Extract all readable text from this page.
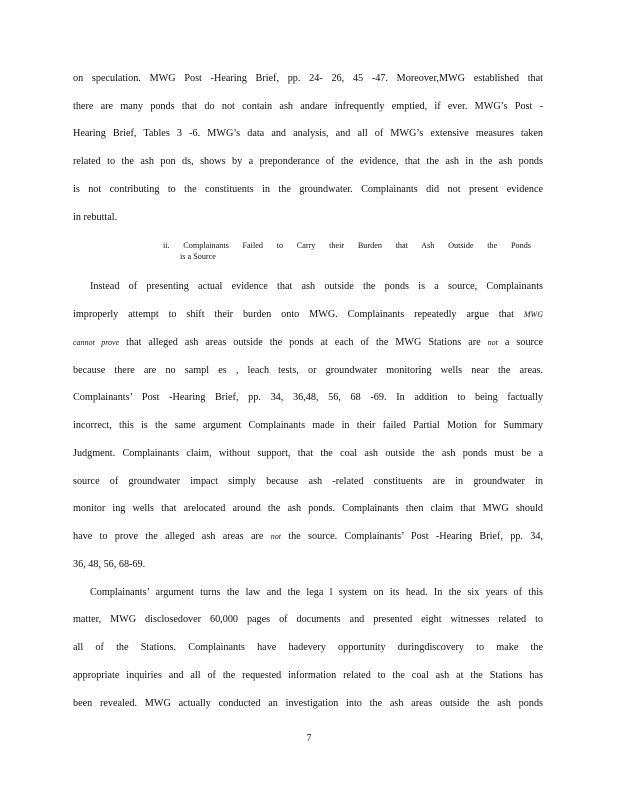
on speculation. MWG Post -Hearing Brief, pp. 24- 26, 45 -47. Moreover,MWG established that
there are many ponds that do not contain ash andare infrequently emptied, if ever. MWG’s Post -
Hearing Brief, Tables 3 -6. MWG’s data and analysis, and all of MWG’s extensive measures taken
related to the ash pon ds, shows by a preponderance of the evidence, that the ash in the ash ponds
is not contributing to the constituents in the groundwater. Complainants did not present evidence
in rebuttal.
ii. Complainants Failed to Carry their Burden that Ash Outside the Ponds
is a Source
Instead of presenting actual evidence that ash outside the ponds is a source, Complainants
improperly attempt to shift their burden onto MWG. Complainants repeatedly argue that MWG
cannot prove that alleged ash areas outside the ponds at each of the MWG Stations are not a source
because there are no sampl es , leach tests, or groundwater monitoring wells near the areas.
Complainants’ Post -Hearing Brief, pp. 34, 36,48, 56, 68 -69. In addition to being factually
incorrect, this is the same argument Complainants made in their failed Partial Motion for Summary
Judgment. Complainants claim, without support, that the coal ash outside the ash ponds must be a
source of groundwater impact simply because ash -related constituents are in groundwater in
monitor ing wells that arelocated around the ash ponds. Complainants then claim that MWG should
have to prove the alleged ash areas are not the source. Complainants’ Post -Hearing Brief, pp. 34,
36, 48, 56, 68-69.
Complainants’ argument turns the law and the lega l system on its head. In the six years of this
matter, MWG disclosedover 60,000 pages of documents and presented eight witnesses related to
all of the Stations. Complainants have hadevery opportunity duringdiscovery to make the
appropriate inquiries and all of the requested information related to the coal ash at the Stations has
been revealed. MWG actually conducted an investigation into the ash areas outside the ash ponds
7
